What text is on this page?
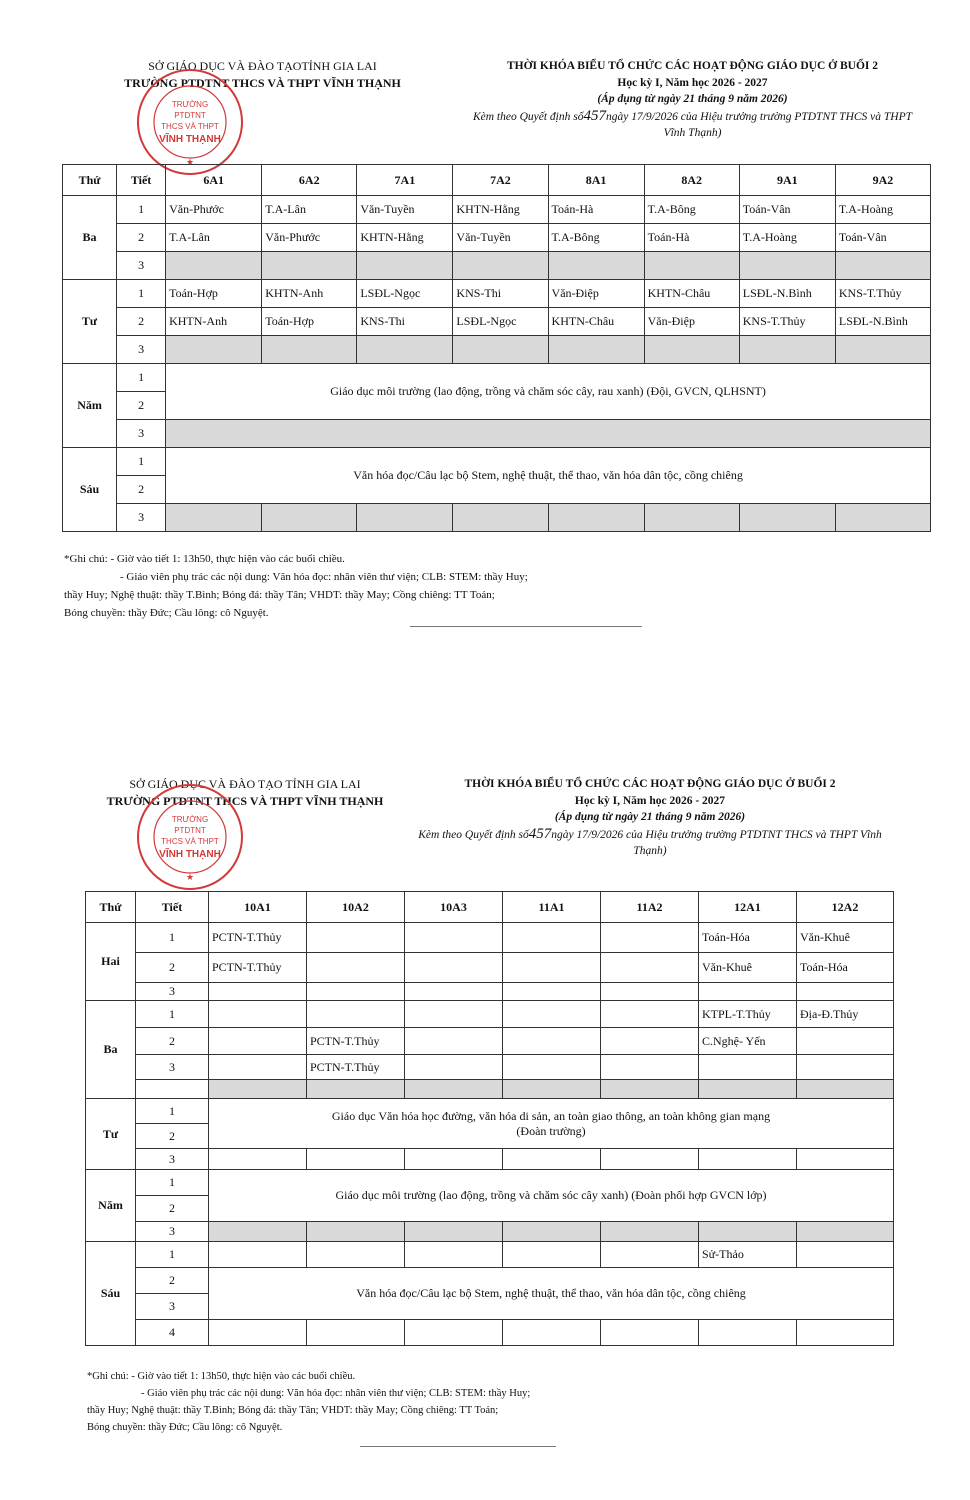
SỞ GIÁO DỤC VÀ ĐÀO TẠOTỈNH GIA LAI
TRƯỜNG PTDTNT THCS VÀ THPT VĨNH THẠNH
TRƯỜNG
PTDTNT
THCS VÀ THPT
VĨNH THẠNH
★
THỜI KHÓA BIỂU TỔ CHỨC CÁC HOẠT ĐỘNG GIÁO DỤC Ở BUỔI 2
Học kỳ I, Năm học 2026 - 2027
(Áp dụng từ ngày 21 tháng 9 năm 2026)
Kèm theo Quyết định số457ngày 17/9/2026 của Hiệu trưởng trường PTDTNT THCS và THPT Vĩnh Thạnh)
Thứ	Tiết	6A1	6A2	7A1	7A2	8A1	8A2	9A1	9A2
Ba	1	Văn-Phước	T.A-Lân	Văn-Tuyền	KHTN-Hằng	Toán-Hà	T.A-Bông	Toán-Vân	T.A-Hoàng
	2	T.A-Lân	Văn-Phước	KHTN-Hằng	Văn-Tuyền	T.A-Bông	Toán-Hà	T.A-Hoàng	Toán-Vân
	3								
Tư	1	Toán-Hợp	KHTN-Anh	LSĐL-Ngọc	KNS-Thi	Văn-Điệp	KHTN-Châu	LSĐL-N.Bình	KNS-T.Thủy
	2	KHTN-Anh	Toán-Hợp	KNS-Thi	LSĐL-Ngọc	KHTN-Châu	Văn-Điệp	KNS-T.Thủy	LSĐL-N.Bình
	3								
Năm	1	Giáo dục môi trường (lao động, trồng và chăm sóc cây, rau xanh) (Đội, GVCN, QLHSNT)							
	2								
	3								
Sáu	1	Văn hóa đọc/Câu lạc bộ Stem, nghệ thuật, thể thao, văn hóa dân tộc, cồng chiêng							
	2								
	3								
*Ghi chú: - Giờ vào tiết 1: 13h50, thực hiện vào các buổi chiều.
- Giáo viên phụ trác các nội dung: Văn hóa đọc: nhân viên thư viện; CLB: STEM: thầy Huy;
thầy Huy; Nghệ thuật: thầy T.Bình; Bóng đá: thầy Tân; VHDT: thầy May; Cồng chiêng: TT Toản;
Bóng chuyền: thầy Đức; Cầu lông: cô Nguyệt.
SỞ GIÁO DỤC VÀ ĐÀO TẠO TỈNH GIA LAI
TRƯỜNG PTDTNT THCS VÀ THPT VĨNH THẠNH
TRƯỜNG
PTDTNT
THCS VÀ THPT
VĨNH THẠNH
★
THỜI KHÓA BIỂU TỔ CHỨC CÁC HOẠT ĐỘNG GIÁO DỤC Ở BUỔI 2
Học kỳ I, Năm học 2026 - 2027
(Áp dụng từ ngày 21 tháng 9 năm 2026)
Kèm theo Quyết định số457ngày 17/9/2026 của Hiệu trưởng trường PTDTNT THCS và THPT Vĩnh Thạnh)
Thứ	Tiết	10A1	10A2	10A3	11A1	11A2	12A1	12A2
Hai	1	PCTN-T.Thủy					Toán-Hóa	Văn-Khuê
	2	PCTN-T.Thủy					Văn-Khuê	Toán-Hóa
	3							
Ba	1						KTPL-T.Thủy	Địa-Đ.Thủy
	2		PCTN-T.Thủy				C.Nghệ- Yến	
	3		PCTN-T.Thủy					

Tư	1	Giáo dục Văn hóa học đường, văn hóa di sản, an toàn giao thông, an toàn không gian mạng
(Đoàn trường)						

	2							
	3							
Năm	1	Giáo dục môi trường (lao động, trồng và chăm sóc cây xanh) (Đoàn phối hợp GVCN lớp)						
	2							
	3							
Sáu	1						Sử-Thảo	
	2	Văn hóa đọc/Câu lạc bộ Stem, nghệ thuật, thể thao, văn hóa dân tộc, cồng chiêng						
	3							
	4							
*Ghi chú: - Giờ vào tiết 1: 13h50, thực hiện vào các buổi chiều.
- Giáo viên phụ trác các nội dung: Văn hóa đọc: nhân viên thư viện; CLB: STEM: thầy Huy;
thầy Huy; Nghệ thuật: thầy T.Bình; Bóng đá: thầy Tân; VHDT: thầy May; Cồng chiêng: TT Toản;
Bóng chuyền: thầy Đức; Cầu lông: cô Nguyệt.
